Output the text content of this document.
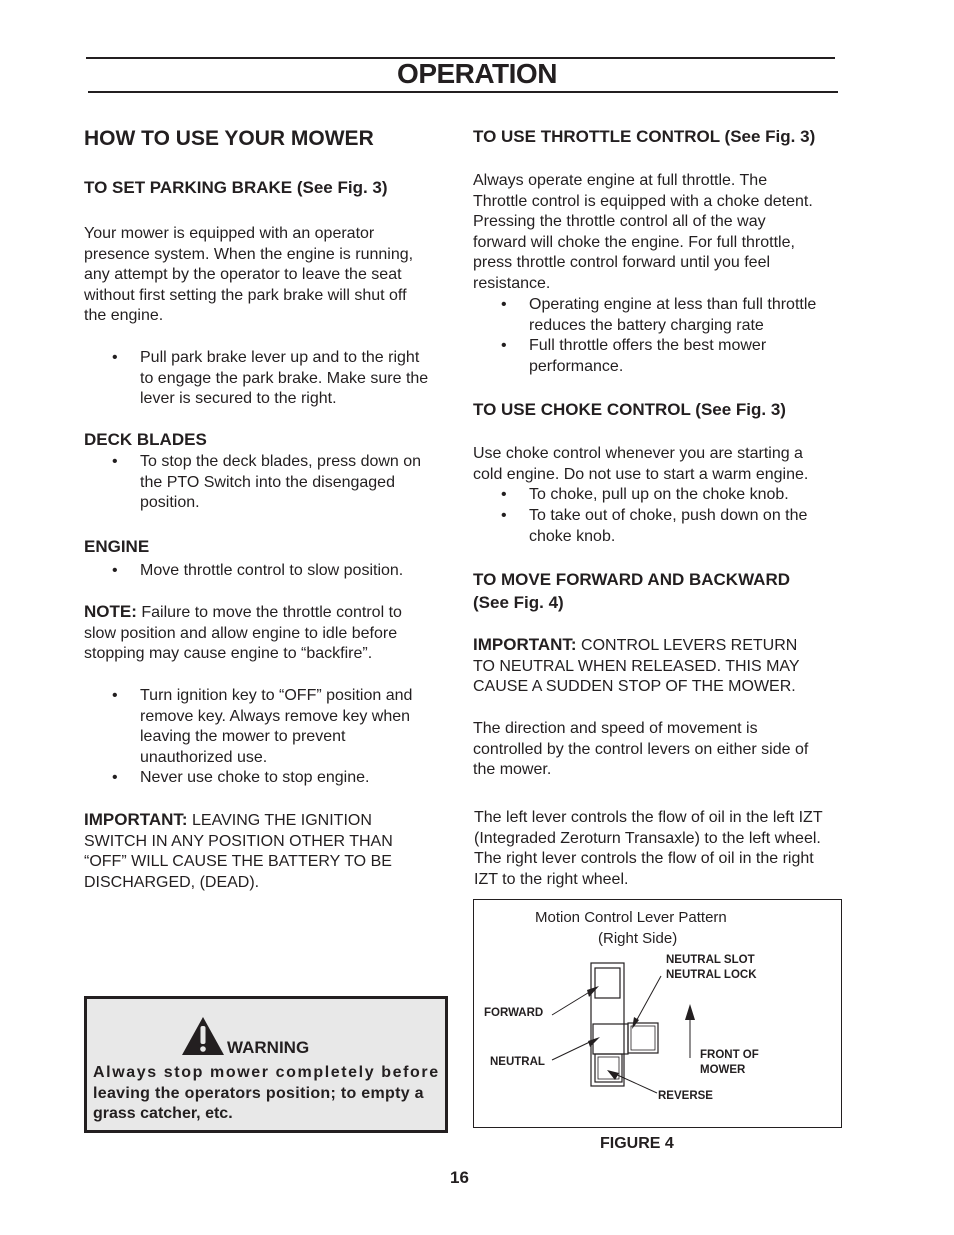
OPERATION
HOW TO USE YOUR MOWER
TO SET PARKING BRAKE (See Fig. 3)
Your mower is equipped with an operator
presence system. When the engine is running,
any attempt by the operator to leave the seat
without first setting the park brake will shut off
the engine.
• Pull park brake lever up and to the right
to engage the park brake. Make sure the
lever is secured to the right.
DECK BLADES
• To stop the deck blades, press down on
the PTO Switch into the disengaged
position.
ENGINE
• Move throttle control to slow position.
NOTE: Failure to move the throttle control to
slow position and allow engine to idle before
stopping may cause engine to “backfire”.
• Turn ignition key to “OFF” position and
remove key. Always remove key when
leaving the mower to prevent
unauthorized use.
• Never use choke to stop engine.
IMPORTANT: LEAVING THE IGNITION
SWITCH IN ANY POSITION OTHER THAN
“OFF” WILL CAUSE THE BATTERY TO BE
DISCHARGED, (DEAD).
WARNING
Always stop mower completely before
leaving the operators position; to empty a
grass catcher, etc.
TO USE THROTTLE CONTROL (See Fig. 3)
Always operate engine at full throttle. The
Throttle control is equipped with a choke detent.
Pressing the throttle control all of the way
forward will choke the engine. For full throttle,
press throttle control forward until you feel
resistance.
• Operating engine at less than full throttle
reduces the battery charging rate
• Full throttle offers the best mower
performance.
TO USE CHOKE CONTROL (See Fig. 3)
Use choke control whenever you are starting a
cold engine. Do not use to start a warm engine.
• To choke, pull up on the choke knob.
• To take out of choke, push down on the
choke knob.
TO MOVE FORWARD AND BACKWARD
(See Fig. 4)
IMPORTANT: CONTROL LEVERS RETURN
TO NEUTRAL WHEN RELEASED. THIS MAY
CAUSE A SUDDEN STOP OF THE MOWER.
The direction and speed of movement is
controlled by the control levers on either side of
the mower.
The left lever controls the flow of oil in the left IZT
(Integraded Zeroturn Transaxle) to the left wheel.
The right lever controls the flow of oil in the right
IZT to the right wheel.
Motion Control Lever Pattern
(Right Side)
NEUTRAL SLOT
NEUTRAL LOCK
FORWARD
NEUTRAL
FRONT OF
MOWER
REVERSE
FIGURE 4
16
